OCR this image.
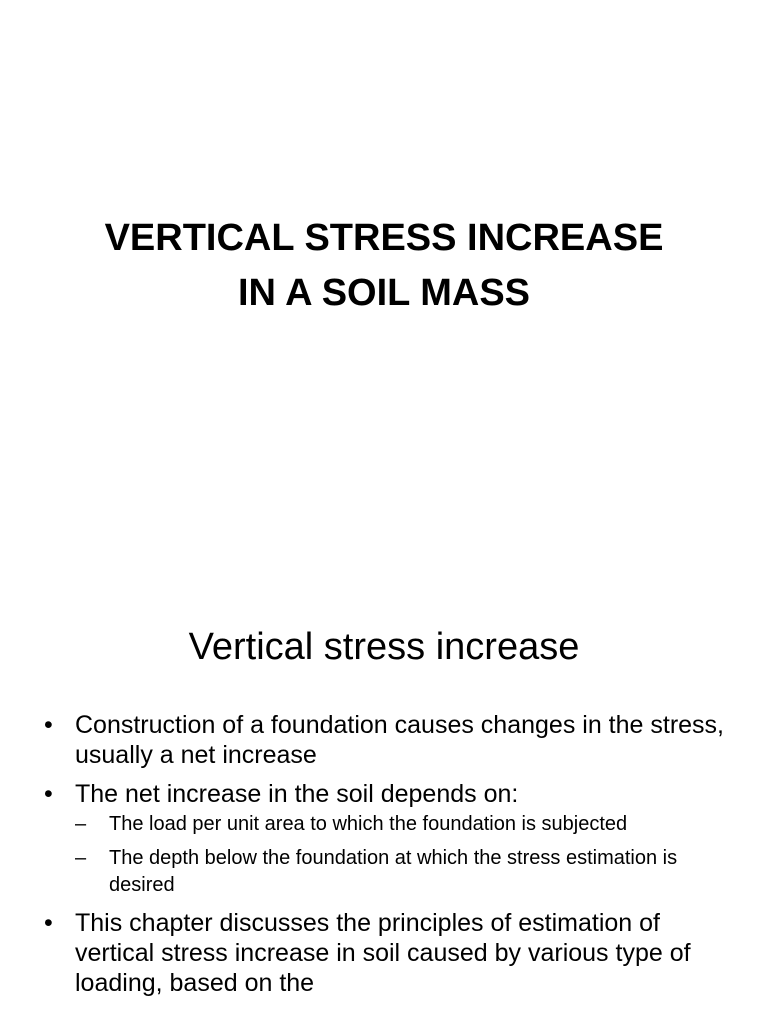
VERTICAL STRESS INCREASE
IN A SOIL MASS
Vertical stress increase
• Construction of a foundation causes changes in the stress, usually a net increase
• The net increase in the soil depends on:
– The load per unit area to which the foundation is subjected
– The depth below the foundation at which the stress estimation is desired
• This chapter discusses the principles of estimation of vertical stress increase in soil caused by various type of loading, based on the
